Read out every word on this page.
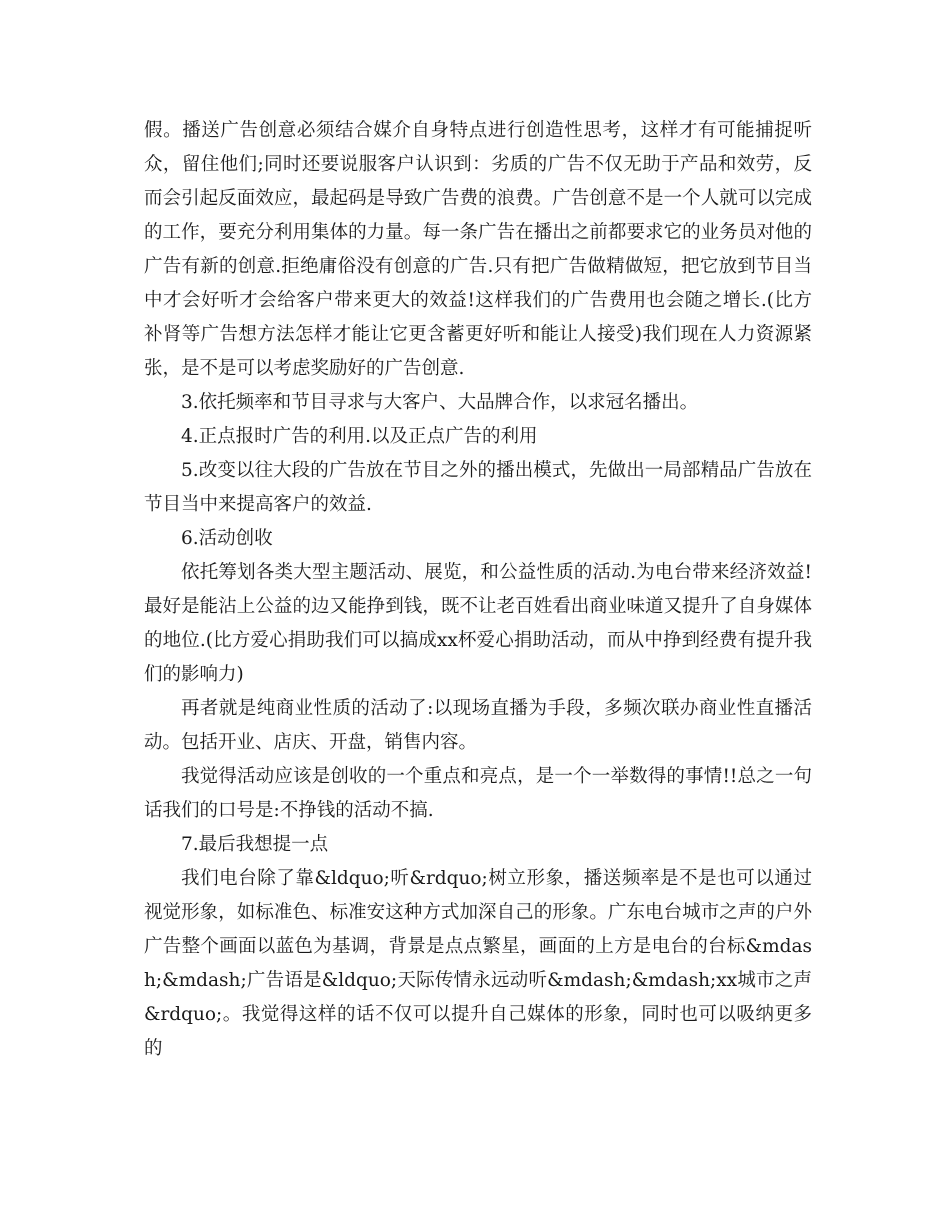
假。播送广告创意必须结合媒介自身特点进行创造性思考，这样才有可能捕捉听众，留住他们;同时还要说服客户认识到：劣质的广告不仅无助于产品和效劳，反而会引起反面效应，最起码是导致广告费的浪费。广告创意不是一个人就可以完成的工作，要充分利用集体的力量。每一条广告在播出之前都要求它的业务员对他的广告有新的创意.拒绝庸俗没有创意的广告.只有把广告做精做短，把它放到节目当中才会好听才会给客户带来更大的效益!这样我们的广告费用也会随之增长.(比方补肾等广告想方法怎样才能让它更含蓄更好听和能让人接受)我们现在人力资源紧张，是不是可以考虑奖励好的广告创意.

3.依托频率和节目寻求与大客户、大品牌合作，以求冠名播出。

4.正点报时广告的利用.以及正点广告的利用

5.改变以往大段的广告放在节目之外的播出模式，先做出一局部精品广告放在节目当中来提高客户的效益.

6.活动创收

依托筹划各类大型主题活动、展览，和公益性质的活动.为电台带来经济效益!最好是能沾上公益的边又能挣到钱，既不让老百姓看出商业味道又提升了自身媒体的地位.(比方爱心捐助我们可以搞成xx杯爱心捐助活动，而从中挣到经费有提升我们的影响力)

再者就是纯商业性质的活动了:以现场直播为手段，多频次联办商业性直播活动。包括开业、店庆、开盘，销售内容。

我觉得活动应该是创收的一个重点和亮点，是一个一举数得的事情!!总之一句话我们的口号是:不挣钱的活动不搞.

7.最后我想提一点

我们电台除了靠&ldquo;听&rdquo;树立形象，播送频率是不是也可以通过视觉形象，如标准色、标准安这种方式加深自己的形象。广东电台城市之声的户外广告整个画面以蓝色为基调，背景是点点繁星，画面的上方是电台的台标&mdash;&mdash;广告语是&ldquo;天际传情永远动听&mdash;&mdash;xx城市之声&rdquo;。我觉得这样的话不仅可以提升自己媒体的形象，同时也可以吸纳更多的
